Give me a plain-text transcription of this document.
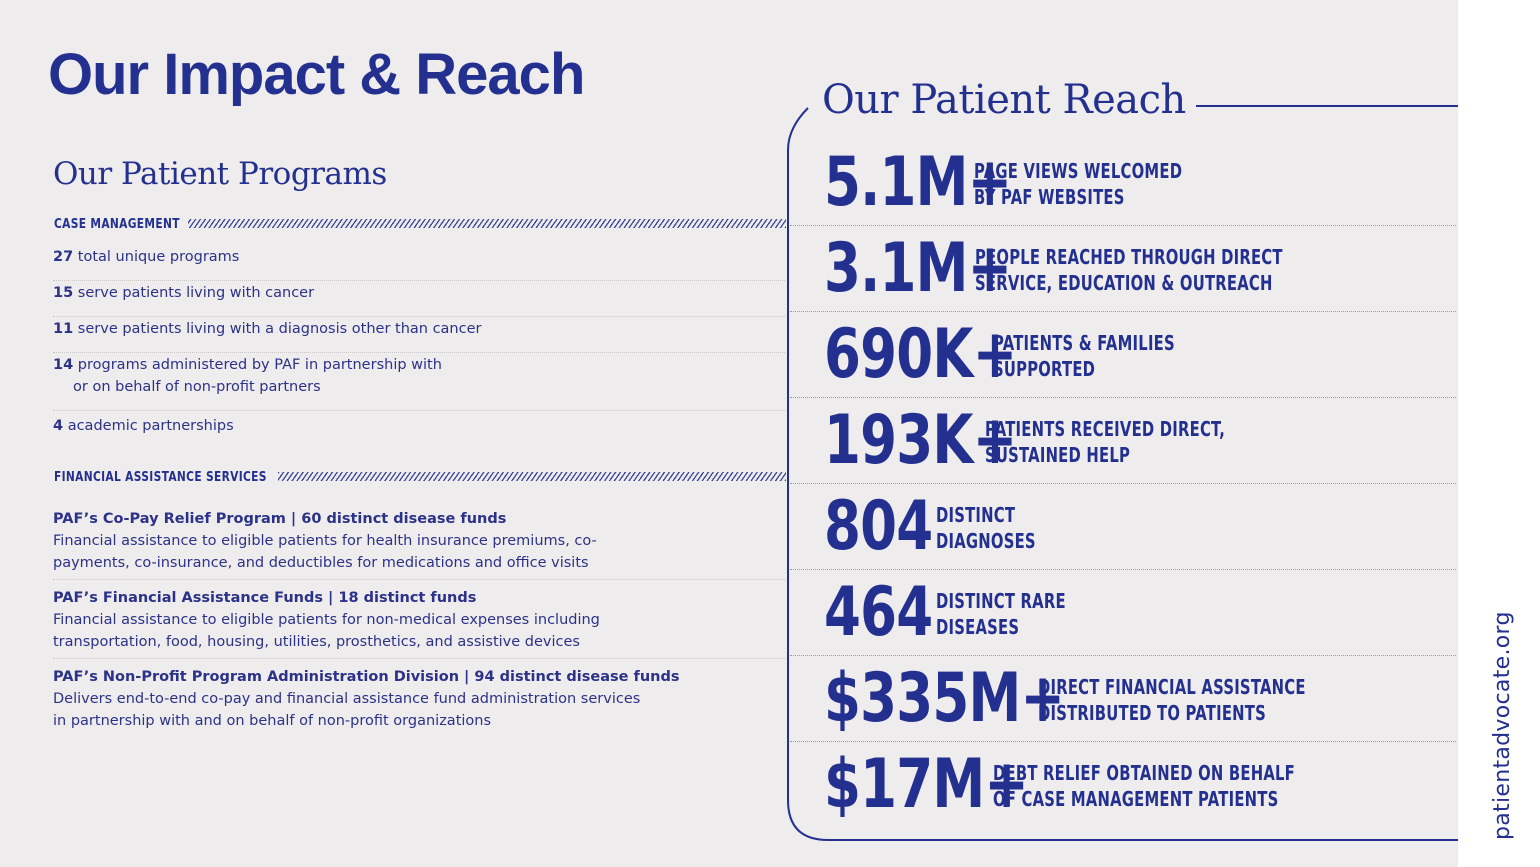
Our Impact & Reach
Our Patient Programs
CASE MANAGEMENT
27 total unique programs
15 serve patients living with cancer
11 serve patients living with a diagnosis other than cancer
14 programs administered by PAF in partnership with
or on behalf of non-profit partners
4 academic partnerships
FINANCIAL ASSISTANCE SERVICES
PAF’s Co-Pay Relief Program | 60 distinct disease funds
Financial assistance to eligible patients for health insurance premiums, co-payments, co-insurance, and deductibles for medications and office visits
PAF’s Financial Assistance Funds | 18 distinct funds
Financial assistance to eligible patients for non-medical expenses including transportation, food, housing, utilities, prosthetics, and assistive devices
PAF’s Non-Profit Program Administration Division | 94 distinct disease funds
Delivers end-to-end co-pay and financial assistance fund administration services in partnership with and on behalf of non-profit organizations
Our Patient Reach
5.1M+
PAGE VIEWS WELCOMED
BY PAF WEBSITES
3.1M+
PEOPLE REACHED THROUGH DIRECT
SERVICE, EDUCATION & OUTREACH
690K+
PATIENTS & FAMILIES
SUPPORTED
193K+
PATIENTS RECEIVED DIRECT,
SUSTAINED HELP
804 DISTINCT
DIAGNOSES
464 DISTINCT RARE
DISEASES
$335M+
DIRECT FINANCIAL ASSISTANCE
DISTRIBUTED TO PATIENTS
$17M+
DEBT RELIEF OBTAINED ON BEHALF
OF CASE MANAGEMENT PATIENTS	patientadvocate.org
